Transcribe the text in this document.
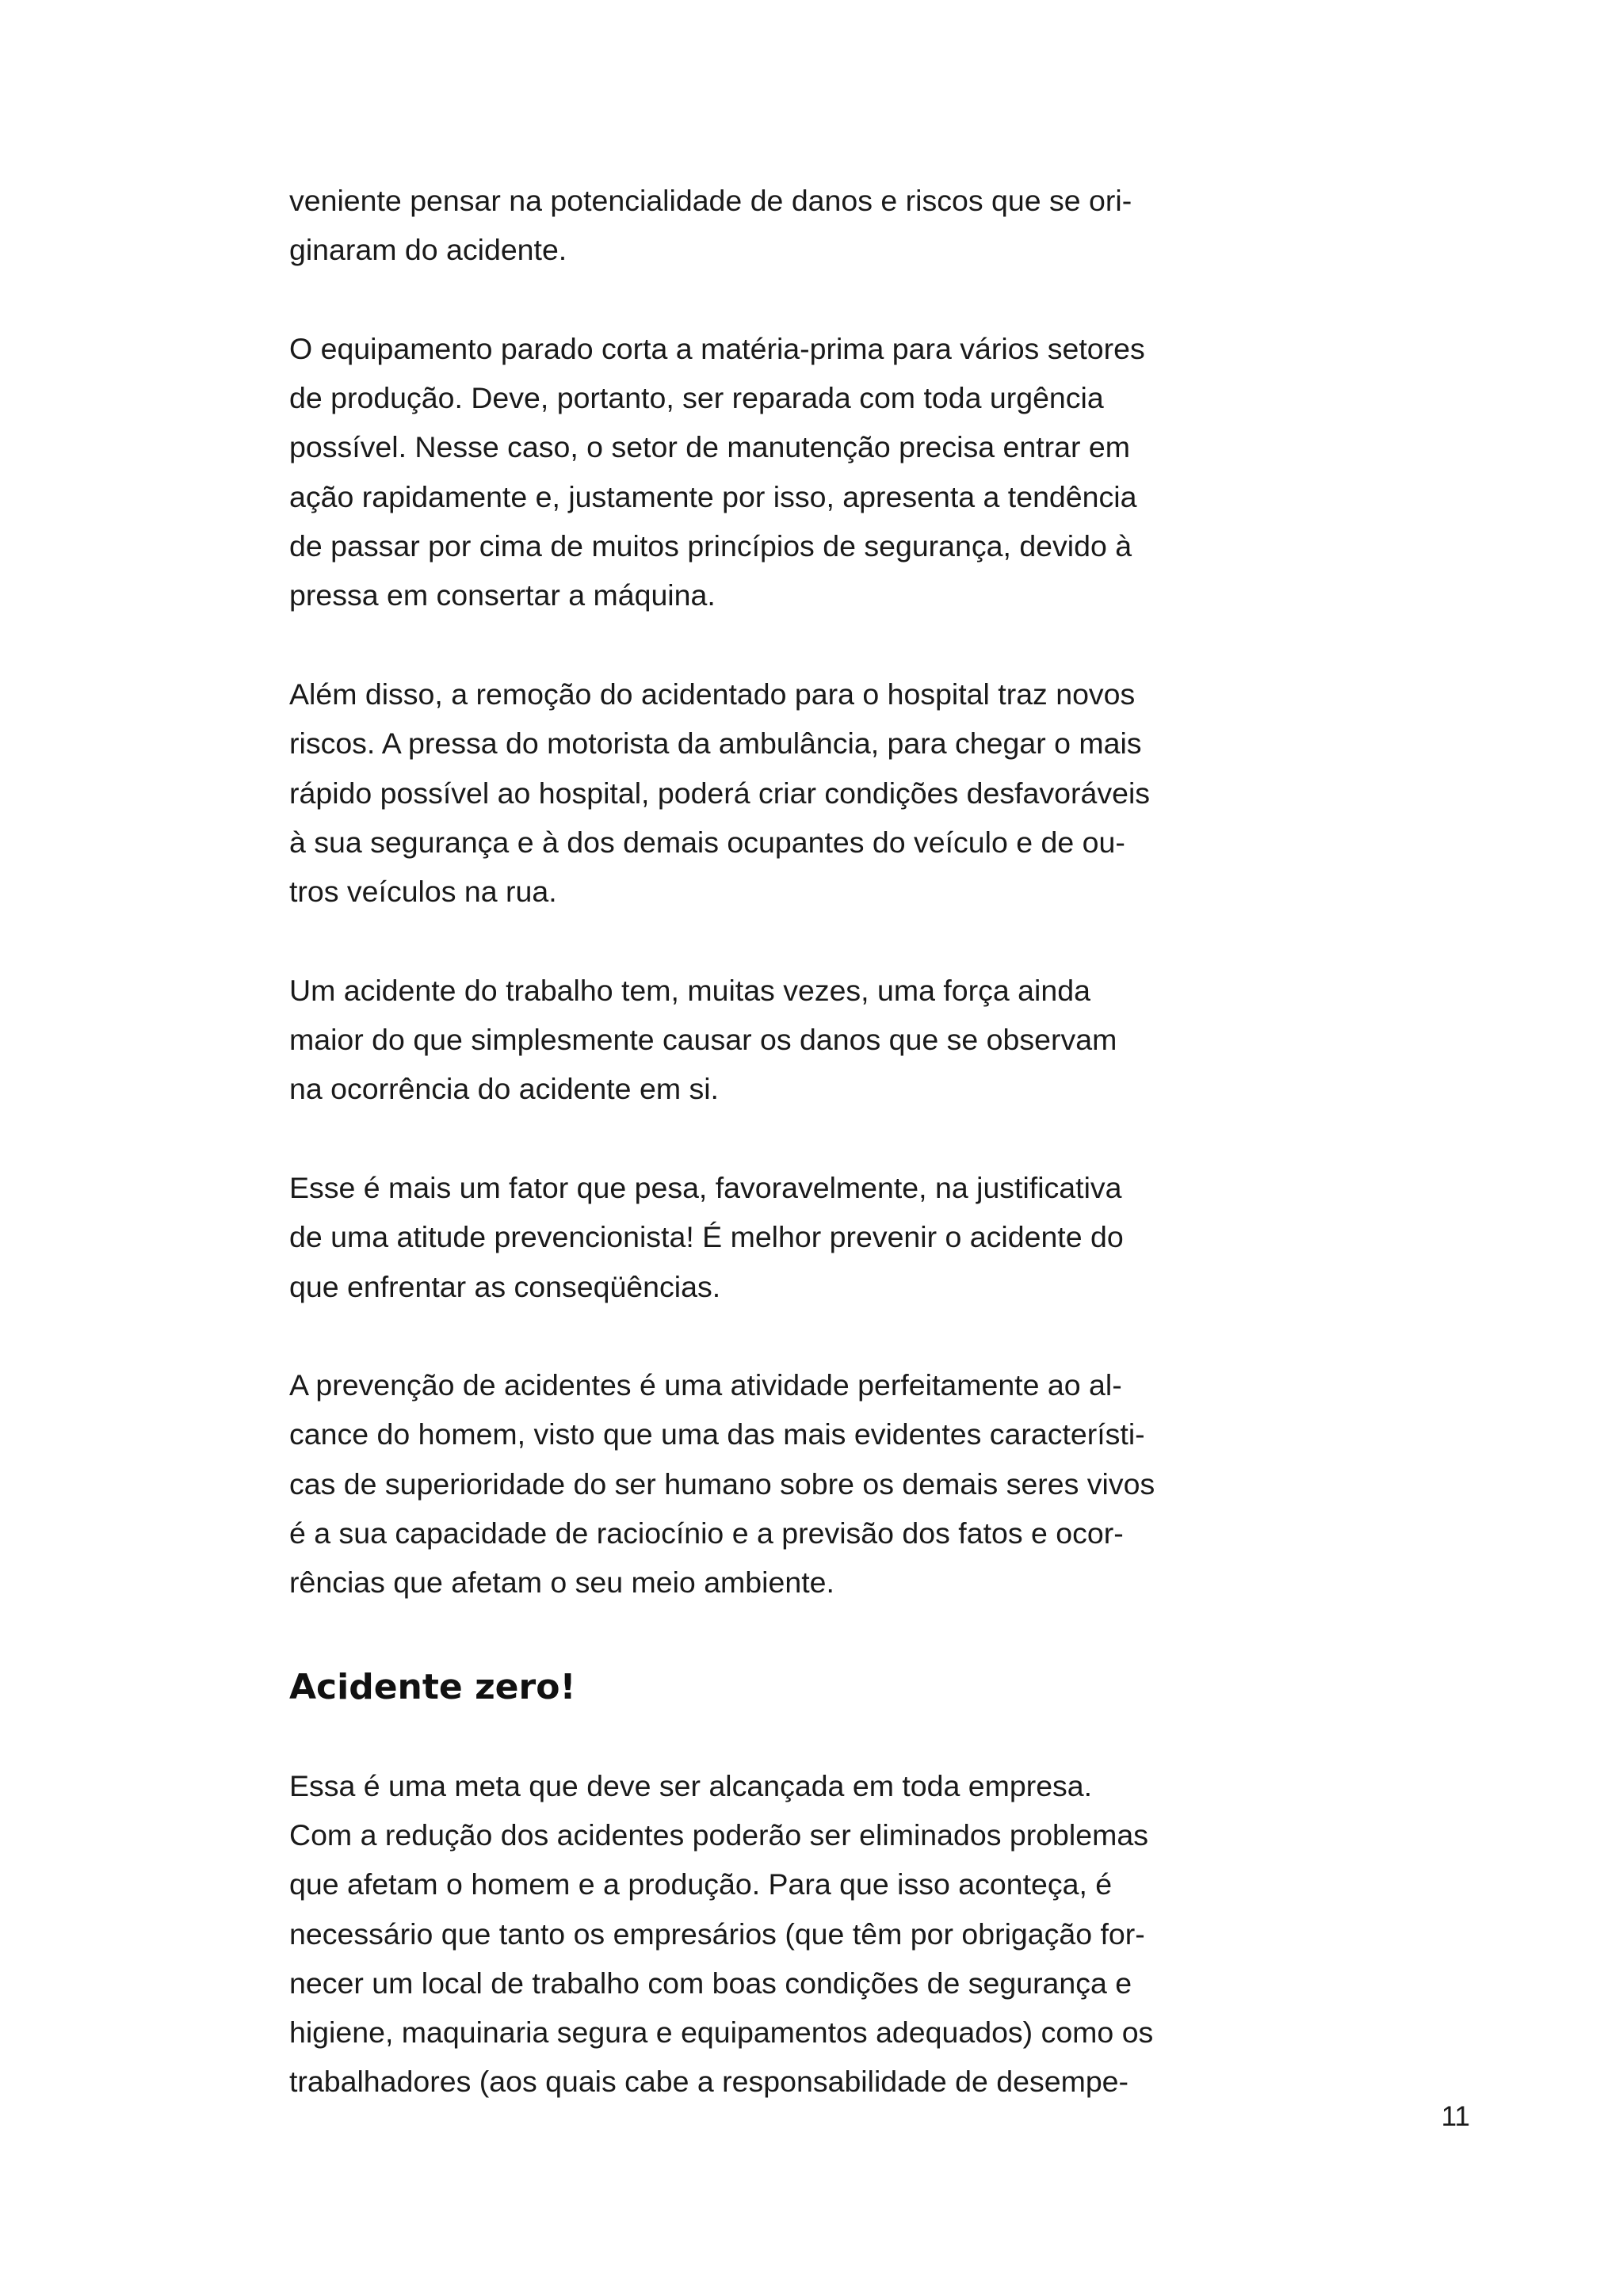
veniente pensar na potencialidade de danos e riscos que se ori-
ginaram do acidente.
O equipamento parado corta a matéria-prima para vários setores
de produção. Deve, portanto, ser reparada com toda urgência
possível. Nesse caso, o setor de manutenção precisa entrar em
ação rapidamente e, justamente por isso, apresenta a tendência
de passar por cima de muitos princípios de segurança, devido à
pressa em consertar a máquina.
Além disso, a remoção do acidentado para o hospital traz novos
riscos. A pressa do motorista da ambulância, para chegar o mais
rápido possível ao hospital, poderá criar condições desfavoráveis
à sua segurança e à dos demais ocupantes do veículo e de ou-
tros veículos na rua.
Um acidente do trabalho tem, muitas vezes, uma força ainda
maior do que simplesmente causar os danos que se observam
na ocorrência do acidente em si.
Esse é mais um fator que pesa, favoravelmente, na justificativa
de uma atitude prevencionista! É melhor prevenir o acidente do
que enfrentar as conseqüências.
A prevenção de acidentes é uma atividade perfeitamente ao al-
cance do homem, visto que uma das mais evidentes característi-
cas de superioridade do ser humano sobre os demais seres vivos
é a sua capacidade de raciocínio e a previsão dos fatos e ocor-
rências que afetam o seu meio ambiente.
Acidente zero!
Essa é uma meta que deve ser alcançada em toda empresa.
Com a redução dos acidentes poderão ser eliminados problemas
que afetam o homem e a produção. Para que isso aconteça, é
necessário que tanto os empresários (que têm por obrigação for-
necer um local de trabalho com boas condições de segurança e
higiene, maquinaria segura e equipamentos adequados) como os
trabalhadores (aos quais cabe a responsabilidade de desempe-
11
